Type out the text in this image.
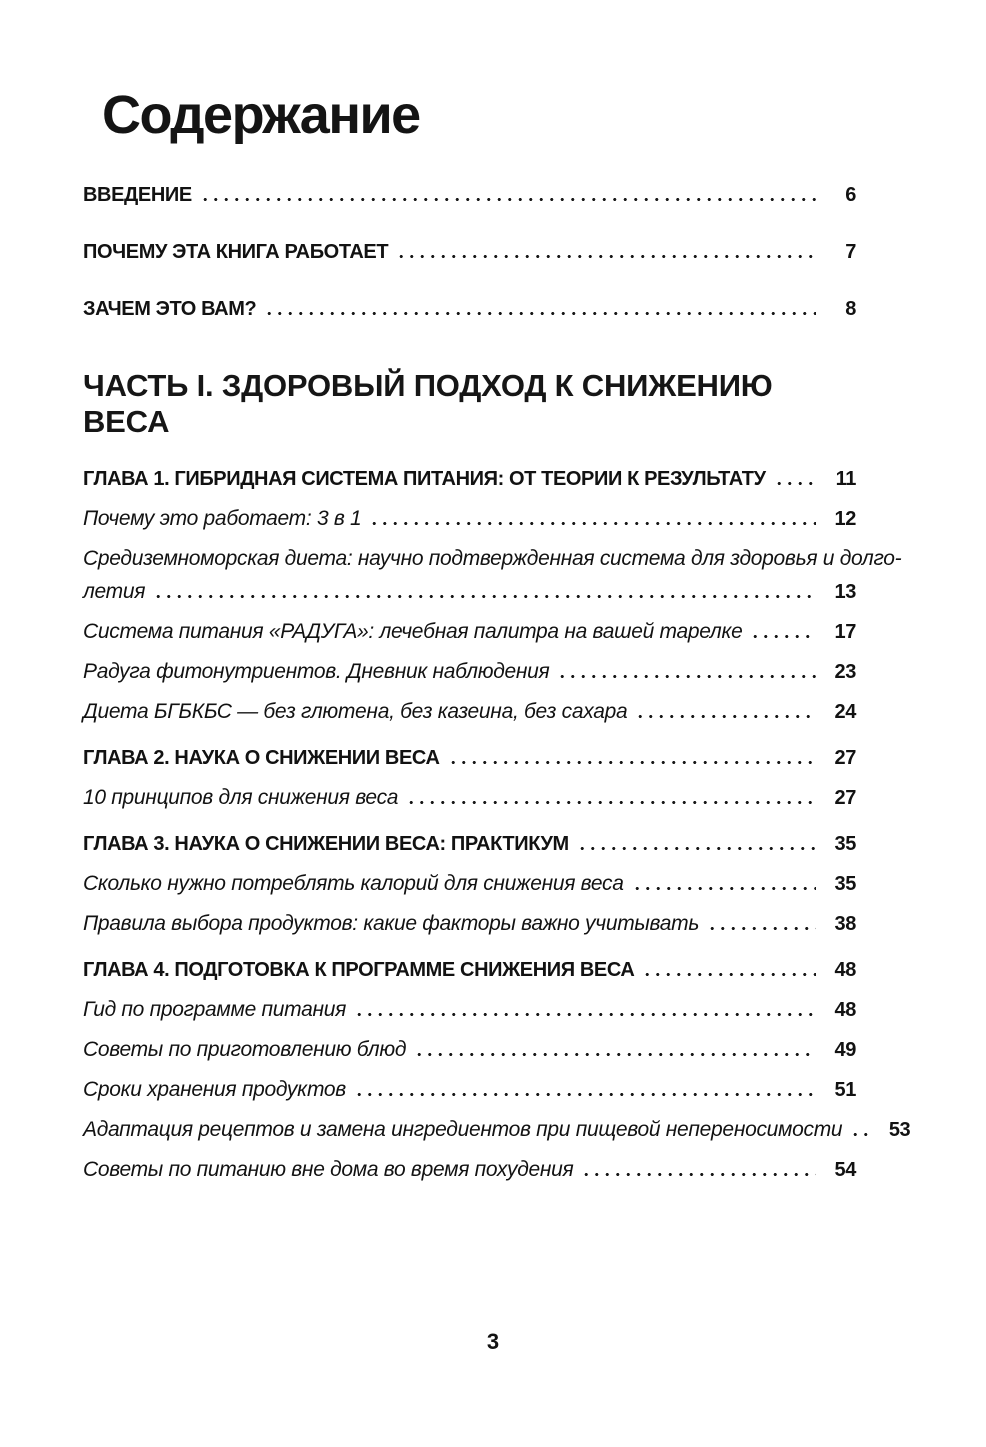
Содержание
ВВЕДЕНИЕ	6
ПОЧЕМУ ЭТА КНИГА РАБОТАЕТ	7
ЗАЧЕМ ЭТО ВАМ?	8
ЧАСТЬ I. ЗДОРОВЫЙ ПОДХОД К СНИЖЕНИЮ ВЕСА
ГЛАВА 1. ГИБРИДНАЯ СИСТЕМА ПИТАНИЯ: ОТ ТЕОРИИ К РЕЗУЛЬТАТУ	11
Почему это работает: 3 в 1	12
Средиземноморская диета: научно подтвержденная система для здоровья и долго-
летия	13
Система питания «РАДУГА»: лечебная палитра на вашей тарелке	17
Радуга фитонутриентов. Дневник наблюдения	23
Диета БГБКБС — без глютена, без казеина, без сахара	24
ГЛАВА 2. НАУКА О СНИЖЕНИИ ВЕСА	27
10 принципов для снижения веса	27
ГЛАВА 3. НАУКА О СНИЖЕНИИ ВЕСА: ПРАКТИКУМ	35
Сколько нужно потреблять калорий для снижения веса	35
Правила выбора продуктов: какие факторы важно учитывать	38
ГЛАВА 4. ПОДГОТОВКА К ПРОГРАММЕ СНИЖЕНИЯ ВЕСА	48
Гид по программе питания	48
Советы по приготовлению блюд	49
Сроки хранения продуктов	51
Адаптация рецептов и замена ингредиентов при пищевой непереносимости	53
Советы по питанию вне дома во время похудения	54
3
